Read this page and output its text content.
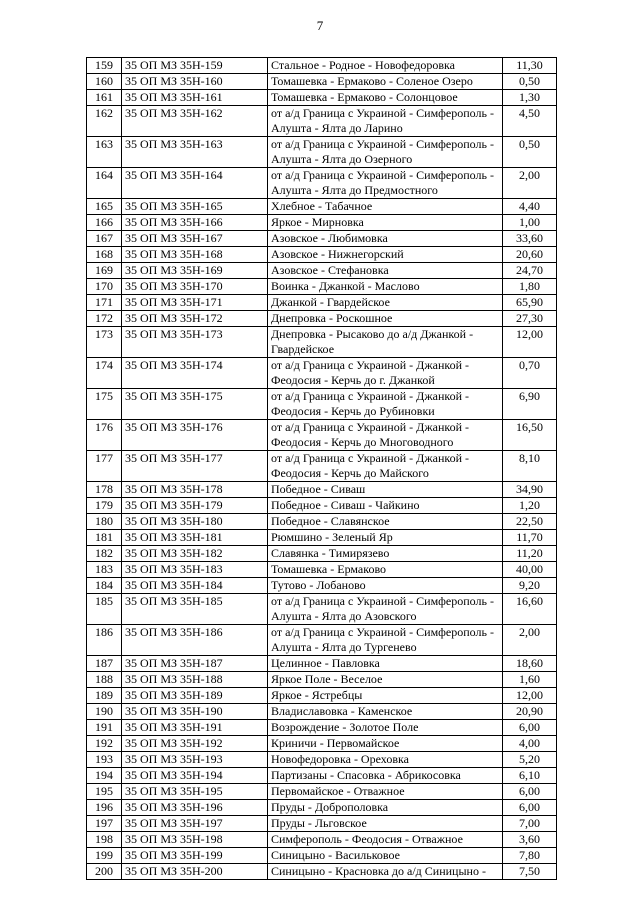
7
159	35 ОП МЗ 35Н-159	Стальное - Родное - Новофедоровка	11,30
160	35 ОП МЗ 35Н-160	Томашевка - Ермаково - Соленое Озеро	0,50
161	35 ОП МЗ 35Н-161	Томашевка - Ермаково - Солонцовое	1,30
162	35 ОП МЗ 35Н-162	от а/д Граница с Украиной - Симферополь - Алушта - Ялта до Ларино	4,50
163	35 ОП МЗ 35Н-163	от а/д Граница с Украиной - Симферополь - Алушта - Ялта до Озерного	0,50
164	35 ОП МЗ 35Н-164	от а/д Граница с Украиной - Симферополь - Алушта - Ялта до Предмостного	2,00
165	35 ОП МЗ 35Н-165	Хлебное - Табачное	4,40
166	35 ОП МЗ 35Н-166	Яркое - Мирновка	1,00
167	35 ОП МЗ 35Н-167	Азовское - Любимовка	33,60
168	35 ОП МЗ 35Н-168	Азовское - Нижнегорский	20,60
169	35 ОП МЗ 35Н-169	Азовское - Стефановка	24,70
170	35 ОП МЗ 35Н-170	Воинка - Джанкой - Маслово	1,80
171	35 ОП МЗ 35Н-171	Джанкой - Гвардейское	65,90
172	35 ОП МЗ 35Н-172	Днепровка - Роскошное	27,30
173	35 ОП МЗ 35Н-173	Днепровка - Рысаково до а/д Джанкой - Гвардейское	12,00
174	35 ОП МЗ 35Н-174	от а/д Граница с Украиной - Джанкой - Феодосия - Керчь до г. Джанкой	0,70
175	35 ОП МЗ 35Н-175	от а/д Граница с Украиной - Джанкой - Феодосия - Керчь до Рубиновки	6,90
176	35 ОП МЗ 35Н-176	от а/д Граница с Украиной - Джанкой - Феодосия - Керчь до Многоводного	16,50
177	35 ОП МЗ 35Н-177	от а/д Граница с Украиной - Джанкой - Феодосия - Керчь до Майского	8,10
178	35 ОП МЗ 35Н-178	Победное - Сиваш	34,90
179	35 ОП МЗ 35Н-179	Победное - Сиваш - Чайкино	1,20
180	35 ОП МЗ 35Н-180	Победное - Славянское	22,50
181	35 ОП МЗ 35Н-181	Рюмшино - Зеленый Яр	11,70
182	35 ОП МЗ 35Н-182	Славянка - Тимирязево	11,20
183	35 ОП МЗ 35Н-183	Томашевка - Ермаково	40,00
184	35 ОП МЗ 35Н-184	Тутово - Лобаново	9,20
185	35 ОП МЗ 35Н-185	от а/д Граница с Украиной - Симферополь - Алушта - Ялта до Азовского	16,60
186	35 ОП МЗ 35Н-186	от а/д Граница с Украиной - Симферополь - Алушта - Ялта до Тургенево	2,00
187	35 ОП МЗ 35Н-187	Целинное - Павловка	18,60
188	35 ОП МЗ 35Н-188	Яркое Поле - Веселое	1,60
189	35 ОП МЗ 35Н-189	Яркое - Ястребцы	12,00
190	35 ОП МЗ 35Н-190	Владиславовка - Каменское	20,90
191	35 ОП МЗ 35Н-191	Возрождение - Золотое Поле	6,00
192	35 ОП МЗ 35Н-192	Криничи - Первомайское	4,00
193	35 ОП МЗ 35Н-193	Новофедоровка - Ореховка	5,20
194	35 ОП МЗ 35Н-194	Партизаны - Спасовка - Абрикосовка	6,10
195	35 ОП МЗ 35Н-195	Первомайское - Отважное	6,00
196	35 ОП МЗ 35Н-196	Пруды - Доброполовка	6,00
197	35 ОП МЗ 35Н-197	Пруды - Льговское	7,00
198	35 ОП МЗ 35Н-198	Симферополь - Феодосия - Отважное	3,60
199	35 ОП МЗ 35Н-199	Синицыно - Васильковое	7,80
200	35 ОП МЗ 35Н-200	Синицыно - Красновка до а/д Синицыно -	7,50
